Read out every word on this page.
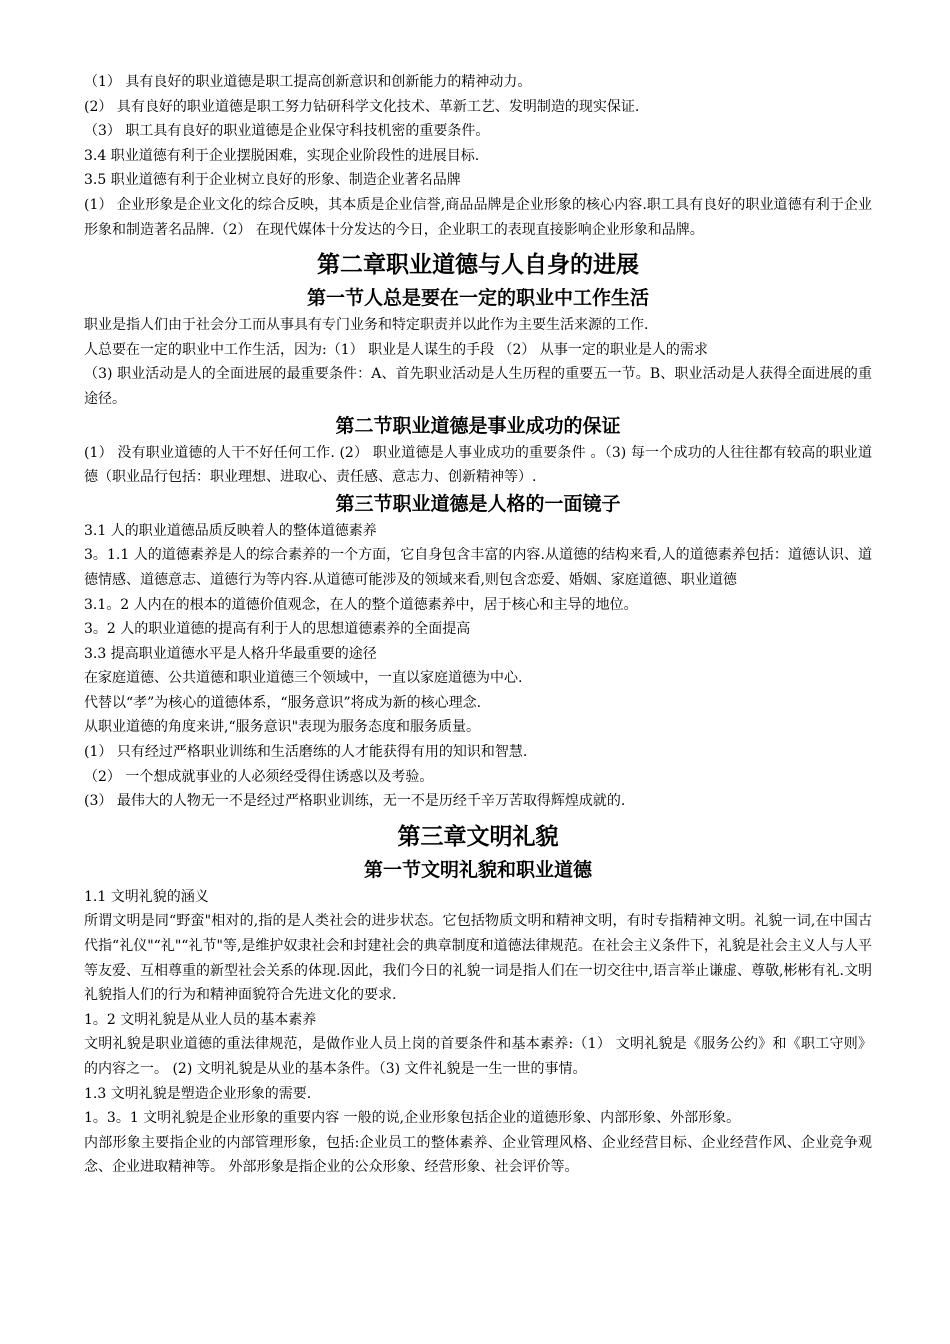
（1） 具有良好的职业道德是职工提高创新意识和创新能力的精神动力。

(2） 具有良好的职业道德是职工努力钻研科学文化技术、革新工艺、发明制造的现实保证.

（3） 职工具有良好的职业道德是企业保守科技机密的重要条件。

3.4 职业道德有利于企业摆脱困难，实现企业阶段性的进展目标.

3.5 职业道德有利于企业树立良好的形象、制造企业著名品牌

(1） 企业形象是企业文化的综合反映，其本质是企业信誉,商品品牌是企业形象的核心内容.职工具有良好的职业道德有利于企业形象和制造著名品牌.（2） 在现代媒体十分发达的今日，企业职工的表现直接影响企业形象和品牌。

第二章职业道德与人自身的进展
第一节人总是要在一定的职业中工作生活

职业是指人们由于社会分工而从事具有专门业务和特定职责并以此作为主要生活来源的工作.

人总要在一定的职业中工作生活，因为:（1） 职业是人谋生的手段 （2） 从事一定的职业是人的需求

（3) 职业活动是人的全面进展的最重要条件：A、首先职业活动是人生历程的重要五一节。B、职业活动是人获得全面进展的重途径。

第二节职业道德是事业成功的保证

(1） 没有职业道德的人干不好任何工作. (2） 职业道德是人事业成功的重要条件 。（3) 每一个成功的人往往都有较高的职业道德（职业品行包括：职业理想、进取心、责任感、意志力、创新精神等）.

第三节职业道德是人格的一面镜子

3.1 人的职业道德品质反映着人的整体道德素养

3。1.1 人的道德素养是人的综合素养的一个方面，它自身包含丰富的内容.从道德的结构来看,人的道德素养包括：道德认识、道德情感、道德意志、道德行为等内容.从道德可能涉及的领域来看,则包含恋爱、婚姻、家庭道德、职业道德

3.1。2 人内在的根本的道德价值观念，在人的整个道德素养中，居于核心和主导的地位。

3。2 人的职业道德的提高有利于人的思想道德素养的全面提高

3.3 提高职业道德水平是人格升华最重要的途径

在家庭道德、公共道德和职业道德三个领域中，一直以家庭道德为中心.

代替以“孝”为核心的道德体系，“服务意识”将成为新的核心理念.

从职业道德的角度来讲,“服务意识"表现为服务态度和服务质量。

(1） 只有经过严格职业训练和生活磨练的人才能获得有用的知识和智慧.

（2） 一个想成就事业的人必须经受得住诱惑以及考验。

(3） 最伟大的人物无一不是经过严格职业训练，无一不是历经千辛万苦取得辉煌成就的.

第三章文明礼貌
第一节文明礼貌和职业道德

1.1 文明礼貌的涵义

所谓文明是同“野蛮"相对的,指的是人类社会的进步状态。它包括物质文明和精神文明，有时专指精神文明。礼貌一词,在中国古代指“礼仪"“礼"“礼节"等,是维护奴隶社会和封建社会的典章制度和道德法律规范。在社会主义条件下，礼貌是社会主义人与人平等友爱、互相尊重的新型社会关系的体现.因此，我们今日的礼貌一词是指人们在一切交往中,语言举止谦虚、尊敬,彬彬有礼.文明礼貌指人们的行为和精神面貌符合先进文化的要求.

1。2 文明礼貌是从业人员的基本素养

文明礼貌是职业道德的重法律规范，是做作业人员上岗的首要条件和基本素养:（1） 文明礼貌是《服务公约》和《职工守则》的内容之一。 (2) 文明礼貌是从业的基本条件。（3) 文件礼貌是一生一世的事情。

1.3 文明礼貌是塑造企业形象的需要.

1。3。1 文明礼貌是企业形象的重要内容 一般的说,企业形象包括企业的道德形象、内部形象、外部形象。

内部形象主要指企业的内部管理形象，包括:企业员工的整体素养、企业管理风格、企业经营目标、企业经营作风、企业竞争观念、企业进取精神等。 外部形象是指企业的公众形象、经营形象、社会评价等。
